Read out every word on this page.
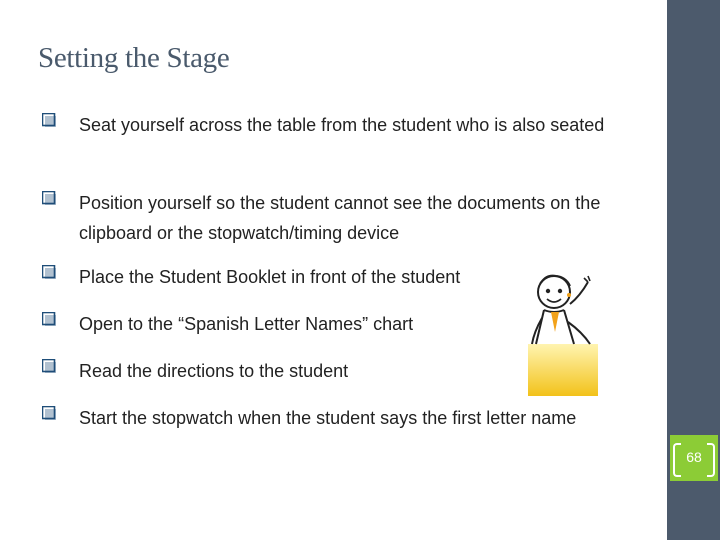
Setting the Stage
Seat yourself across the table from the student who is also seated
Position yourself so the student cannot see the documents on the clipboard or the stopwatch/timing device
Place the Student Booklet in front of the student
Open to the “Spanish Letter Names” chart
Read the directions to the student
Start the stopwatch when the student says the first letter name
68
